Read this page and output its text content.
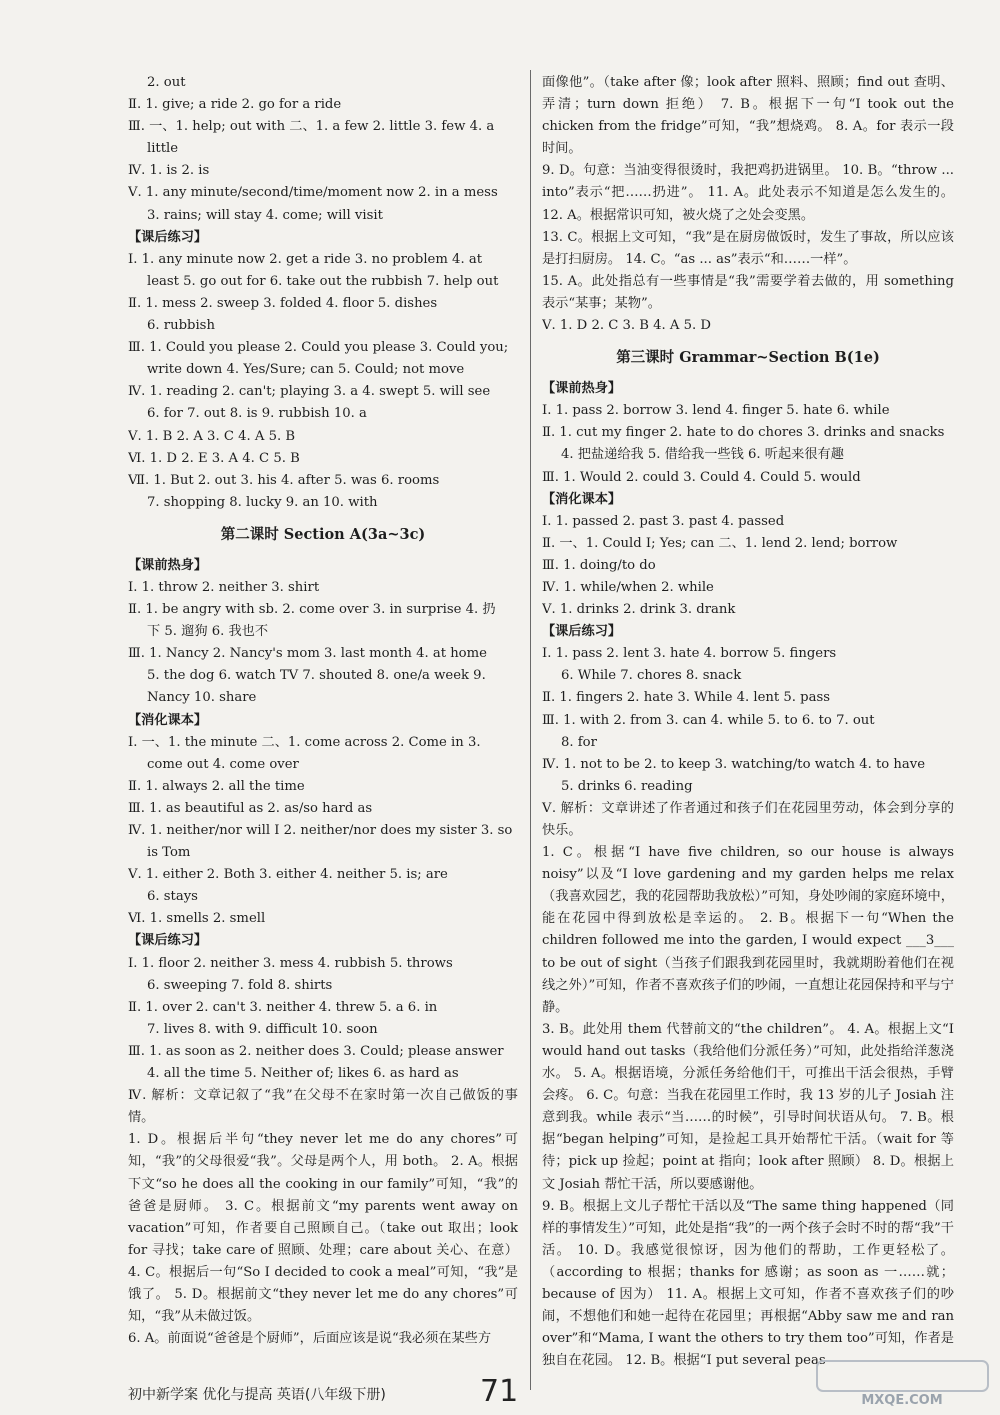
2. out
Ⅱ. 1. give; a ride 2. go for a ride
Ⅲ. 一、1. help; out with 二、1. a few 2. little 3. few 4. a
little
Ⅳ. 1. is 2. is
Ⅴ. 1. any minute/second/time/moment now 2. in a mess
3. rains; will stay 4. come; will visit
【课后练习】
Ⅰ. 1. any minute now 2. get a ride 3. no problem 4. at
least 5. go out for 6. take out the rubbish 7. help out
Ⅱ. 1. mess 2. sweep 3. folded 4. floor 5. dishes
6. rubbish
Ⅲ. 1. Could you please 2. Could you please 3. Could you;
write down 4. Yes/Sure; can 5. Could; not move
Ⅳ. 1. reading 2. can't; playing 3. a 4. swept 5. will see
6. for 7. out 8. is 9. rubbish 10. a
Ⅴ. 1. B 2. A 3. C 4. A 5. B
Ⅵ. 1. D 2. E 3. A 4. C 5. B
Ⅶ. 1. But 2. out 3. his 4. after 5. was 6. rooms
7. shopping 8. lucky 9. an 10. with
第二课时 Section A(3a~3c)
【课前热身】
Ⅰ. 1. throw 2. neither 3. shirt
Ⅱ. 1. be angry with sb. 2. come over 3. in surprise 4. 扔
下 5. 遛狗 6. 我也不
Ⅲ. 1. Nancy 2. Nancy's mom 3. last month 4. at home
5. the dog 6. watch TV 7. shouted 8. one/a week 9.
Nancy 10. share
【消化课本】
Ⅰ. 一、1. the minute 二、1. come across 2. Come in 3.
come out 4. come over
Ⅱ. 1. always 2. all the time
Ⅲ. 1. as beautiful as 2. as/so hard as
Ⅳ. 1. neither/nor will I 2. neither/nor does my sister 3. so
is Tom
Ⅴ. 1. either 2. Both 3. either 4. neither 5. is; are
6. stays
Ⅵ. 1. smells 2. smell
【课后练习】
Ⅰ. 1. floor 2. neither 3. mess 4. rubbish 5. throws
6. sweeping 7. fold 8. shirts
Ⅱ. 1. over 2. can't 3. neither 4. threw 5. a 6. in
7. lives 8. with 9. difficult 10. soon
Ⅲ. 1. as soon as 2. neither does 3. Could; please answer
4. all the time 5. Neither of; likes 6. as hard as
Ⅳ. 解析：文章记叙了“我”在父母不在家时第一次自己做饭的事情。
1. D。根据后半句“they never let me do any chores”可知，“我”的父母很爱“我”。父母是两个人，用 both。 2. A。根据下文“so he does all the cooking in our family”可知，“我”的爸爸是厨师。 3. C。根据前文“my parents went away on vacation”可知，作者要自己照顾自己。（take out 取出；look for 寻找；take care of 照顾、处理；care about 关心、在意） 4. C。根据后一句“So I decided to cook a meal”可知，“我”是饿了。 5. D。根据前文“they never let me do any chores”可知，“我”从未做过饭。
6. A。前面说“爸爸是个厨师”，后面应该是说“我必须在某些方
面像他”。（take after 像；look after 照料、照顾；find out 查明、弄清；turn down 拒绝） 7. B。根据下一句“I took out the chicken from the fridge”可知，“我”想烧鸡。 8. A。for 表示一段时间。
9. D。句意：当油变得很烫时，我把鸡扔进锅里。 10. B。“throw ... into”表示“把……扔进”。 11. A。此处表示不知道是怎么发生的。 12. A。根据常识可知，被火烧了之处会变黑。
13. C。根据上文可知，“我”是在厨房做饭时，发生了事故，所以应该是打扫厨房。 14. C。“as ... as”表示“和……一样”。
15. A。此处指总有一些事情是“我”需要学着去做的，用 something 表示“某事；某物”。
Ⅴ. 1. D 2. C 3. B 4. A 5. D
第三课时 Grammar~Section B(1e)
【课前热身】
Ⅰ. 1. pass 2. borrow 3. lend 4. finger 5. hate 6. while
Ⅱ. 1. cut my finger 2. hate to do chores 3. drinks and snacks
4. 把盐递给我 5. 借给我一些钱 6. 听起来很有趣
Ⅲ. 1. Would 2. could 3. Could 4. Could 5. would
【消化课本】
Ⅰ. 1. passed 2. past 3. past 4. passed
Ⅱ. 一、1. Could I; Yes; can 二、1. lend 2. lend; borrow
Ⅲ. 1. doing/to do
Ⅳ. 1. while/when 2. while
Ⅴ. 1. drinks 2. drink 3. drank
【课后练习】
Ⅰ. 1. pass 2. lent 3. hate 4. borrow 5. fingers
6. While 7. chores 8. snack
Ⅱ. 1. fingers 2. hate 3. While 4. lent 5. pass
Ⅲ. 1. with 2. from 3. can 4. while 5. to 6. to 7. out
8. for
Ⅳ. 1. not to be 2. to keep 3. watching/to watch 4. to have
5. drinks 6. reading
Ⅴ. 解析：文章讲述了作者通过和孩子们在花园里劳动，体会到分享的快乐。
1. C。根据“I have five children, so our house is always noisy”以及“I love gardening and my garden helps me relax（我喜欢园艺，我的花园帮助我放松）”可知，身处吵闹的家庭环境中，能在花园中得到放松是幸运的。 2. B。根据下一句“When the children followed me into the garden, I would expect ___3___ to be out of sight（当孩子们跟我到花园里时，我就期盼着他们在视线之外）”可知，作者不喜欢孩子们的吵闹，一直想让花园保持和平与宁静。
3. B。此处用 them 代替前文的“the children”。 4. A。根据上文“I would hand out tasks（我给他们分派任务）”可知，此处指给洋葱浇水。 5. A。根据语境，分派任务给他们干，可推出干活会很热，手臂会疼。 6. C。句意：当我在花园里工作时，我 13 岁的儿子 Josiah 注意到我。while 表示“当……的时候”，引导时间状语从句。 7. B。根据“began helping”可知，是捡起工具开始帮忙干活。（wait for 等待；pick up 捡起；point at 指向；look after 照顾） 8. D。根据上文 Josiah 帮忙干活，所以要感谢他。
9. B。根据上文儿子帮忙干活以及“The same thing happened（同样的事情发生）”可知，此处是指“我”的一两个孩子会时不时的帮“我”干活。 10. D。我感觉很惊讶，因为他们的帮助，工作更轻松了。（according to 根据；thanks for 感谢；as soon as 一……就；because of 因为） 11. A。根据上文可知，作者不喜欢孩子们的吵闹，不想他们和她一起待在花园里；再根据“Abby saw me and ran over”和“Mama, I want the others to try them too”可知，作者是独自在花园。 12. B。根据“I put several peas
初中新学案 优化与提高 英语(八年级下册)	71	MXQE.COM
